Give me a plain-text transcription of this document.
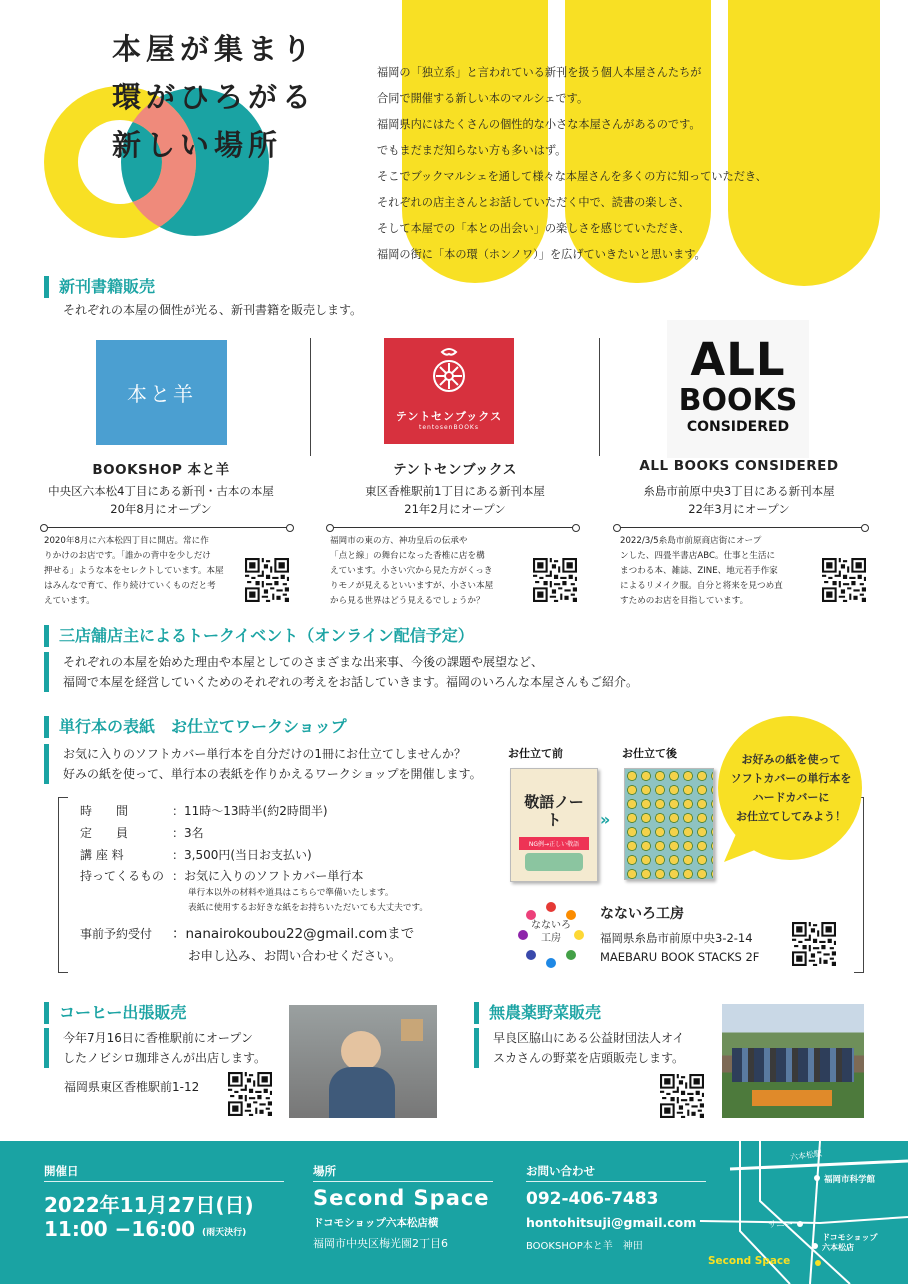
本屋が集まり
環がひろがる
新しい場所

福岡の「独立系」と言われている新刊を扱う個人本屋さんたちが

合同で開催する新しい本のマルシェです。

福岡県内にはたくさんの個性的な小さな本屋さんがあるのです。

でもまだまだ知らない方も多いはず。

そこでブックマルシェを通して様々な本屋さんを多くの方に知っていただき、

それぞれの店主さんとお話していただく中で、読書の楽しさ、

そして本屋での「本との出会い」の楽しさを感じていただき、

福岡の街に「本の環（ホンノワ）」を広げていきたいと思います。

新刊書籍販売
それぞれの本屋の個性が光る、新刊書籍を販売します。
本と羊
テントセンブックス
tentosenBOOKs
ALL
BOOKS
CONSIDERED
BOOKSHOP 本と羊
中央区六本松4丁目にある新刊・古本の本屋
20年8月にオープン
テントセンブックス
東区香椎駅前1丁目にある新刊本屋
21年2月にオープン
ALL BOOKS CONSIDERED
糸島市前原中央3丁目にある新刊本屋
22年3月にオープン
2020年8月に六本松四丁目に開店。常に作
りかけのお店です。「誰かの背中を少しだけ
押せる」ような本をセレクトしています。本屋
はみんなで育て、作り続けていくものだと考
えています。
福岡市の東の方、神功皇后の伝承や
「点と線」の舞台になった香椎に店を構
えています。小さい穴から見た方がくっき
りモノが見えるといいますが、小さい本屋
から見る世界はどう見えるでしょうか？
2022/3/5糸島市前原商店街にオープ
ンした、四畳半書店ABC。仕事と生活に
まつわる本、雑誌、ZINE、地元若手作家
によるリメイク服。自分と将来を見つめ直
すためのお店を目指しています。
三店舗店主によるトークイベント（オンライン配信予定）
それぞれの本屋を始めた理由や本屋としてのさまざまな出来事、今後の課題や展望など、
福岡で本屋を経営していくためのそれぞれの考えをお話していきます。福岡のいろんな本屋さんもご紹介。
単行本の表紙　お仕立てワークショップ
お気に入りのソフトカバー単行本を自分だけの1冊にお仕立てしませんか？
好みの紙を使って、単行本の表紙を作りかえるワークショップを開催します。
時　　間	：11時〜13時半(約2時間半)
定　　員	：3名
講 座 料	：3,500円(当日お支払い)
持ってくるもの ：お気に入りのソフトカバー単行本
単行本以外の材料や道具はこちらで準備いたします。
表紙に使用するお好きな紙をお持ちいただいても大丈夫です。
事前予約受付 ：nanairokoubou22@gmail.comまで
お申し込み、お問い合わせください。
お仕立て前	お仕立て後
敬語ノート
NG例→正しい敬語
»
お好みの紙を使って
ソフトカバーの単行本を
ハードカバーに
お仕立てしてみよう！
なないろ
工房
なないろ工房
福岡県糸島市前原中央3-2-14
MAEBARU BOOK STACKS 2F
コーヒー出張販売
今年7月16日に香椎駅前にオープン
したノビシロ珈琲さんが出店します。
福岡県東区香椎駅前1-12
無農薬野菜販売
早良区脇山にある公益財団法人オイ
スカさんの野菜を店頭販売します。
開催日
2022年11月27日(日)
11:00 −16:00 (雨天決行)
場所
Second Space
ドコモショップ六本松店横
福岡市中央区梅光園2丁目6
お問い合わせ
092-406-7483
hontohitsuji@gmail.com
BOOKSHOP本と羊　神田
六本松駅
福岡市科学館
サニー
ドコモショップ
六本松店
Second Space
